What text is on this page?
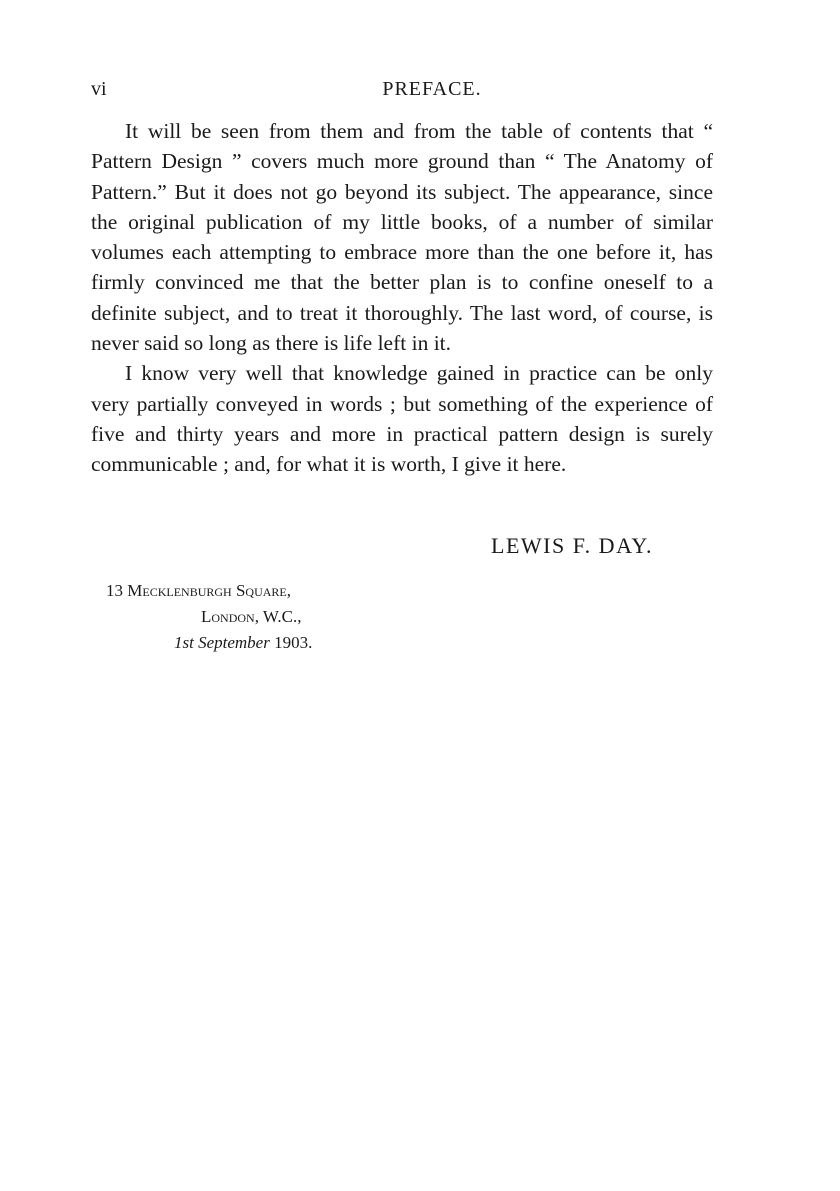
vi	PREFACE.

It will be seen from them and from the table of contents that “ Pattern Design ” covers much more ground than “ The Anatomy of Pattern.” But it does not go beyond its subject. The appearance, since the original publication of my little books, of a number of similar volumes each attempting to embrace more than the one before it, has firmly convinced me that the better plan is to confine oneself to a definite subject, and to treat it thoroughly. The last word, of course, is never said so long as there is life left in it.

I know very well that knowledge gained in practice can be only very partially conveyed in words ; but something of the experience of five and thirty years and more in practical pattern design is surely communicable ; and, for what it is worth, I give it here.

LEWIS F. DAY.
13 Mecklenburgh Square,
London, W.C.,
1st September 1903.
